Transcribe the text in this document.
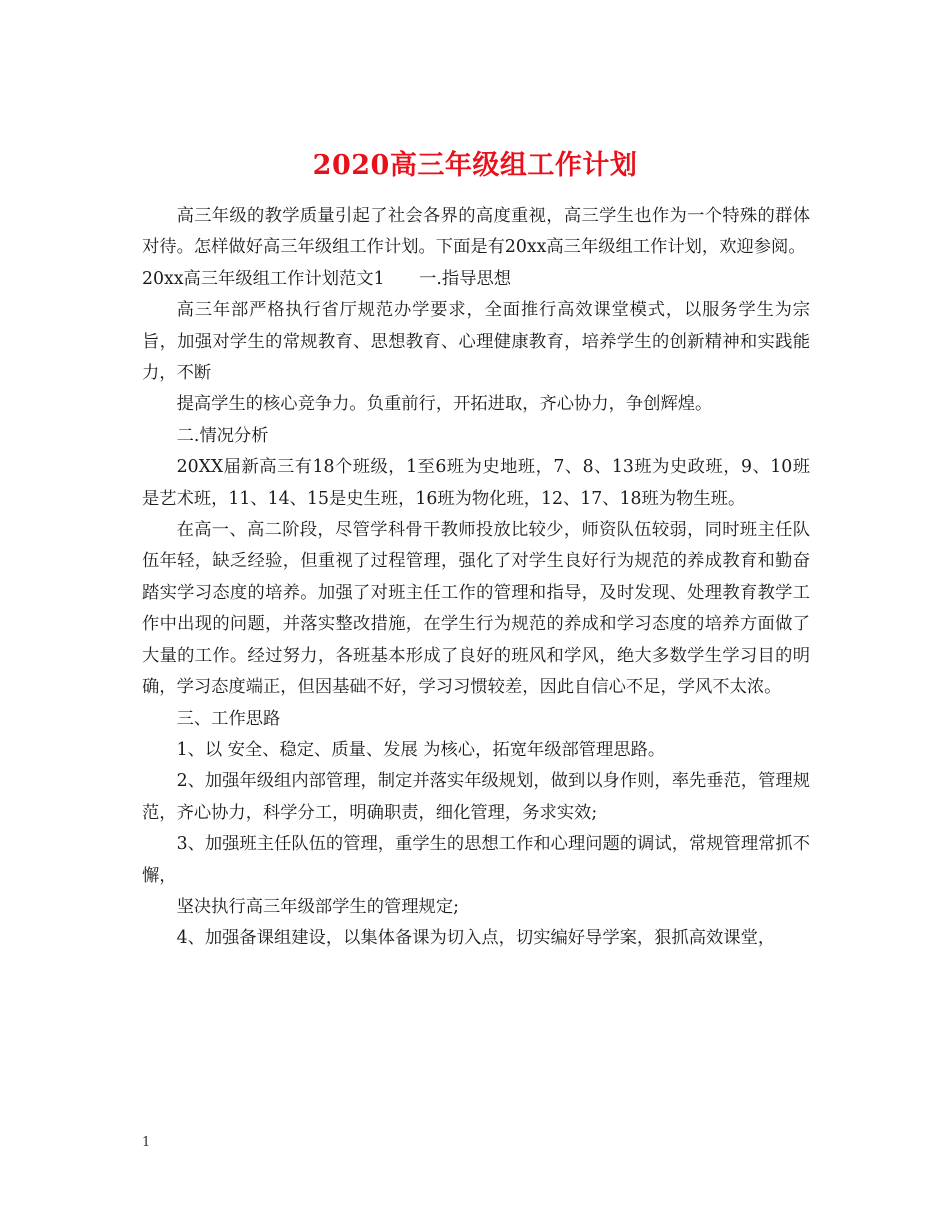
2020高三年级组工作计划

高三年级的教学质量引起了社会各界的高度重视，高三学生也作为一个特殊的群体对待。怎样做好高三年级组工作计划。下面是有20xx高三年级组工作计划，欢迎参阅。

20xx高三年级组工作计划范文1　　一.指导思想

高三年部严格执行省厅规范办学要求，全面推行高效课堂模式，以服务学生为宗旨，加强对学生的常规教育、思想教育、心理健康教育，培养学生的创新精神和实践能力，不断

提高学生的核心竞争力。负重前行，开拓进取，齐心协力，争创辉煌。

二.情况分析

20XX届新高三有18个班级，1至6班为史地班，7、8、13班为史政班，9、10班是艺术班，11、14、15是史生班，16班为物化班，12、17、18班为物生班。

在高一、高二阶段，尽管学科骨干教师投放比较少，师资队伍较弱，同时班主任队伍年轻，缺乏经验，但重视了过程管理，强化了对学生良好行为规范的养成教育和勤奋踏实学习态度的培养。加强了对班主任工作的管理和指导，及时发现、处理教育教学工作中出现的问题，并落实整改措施，在学生行为规范的养成和学习态度的培养方面做了大量的工作。经过努力，各班基本形成了良好的班风和学风，绝大多数学生学习目的明确，学习态度端正，但因基础不好，学习习惯较差，因此自信心不足，学风不太浓。

三、工作思路

1、以 安全、稳定、质量、发展 为核心，拓宽年级部管理思路。

2、加强年级组内部管理，制定并落实年级规划，做到以身作则，率先垂范，管理规范，齐心协力，科学分工，明确职责，细化管理，务求实效;

3、加强班主任队伍的管理，重学生的思想工作和心理问题的调试，常规管理常抓不懈，

坚决执行高三年级部学生的管理规定;

4、加强备课组建设，以集体备课为切入点，切实编好导学案，狠抓高效课堂，

1
